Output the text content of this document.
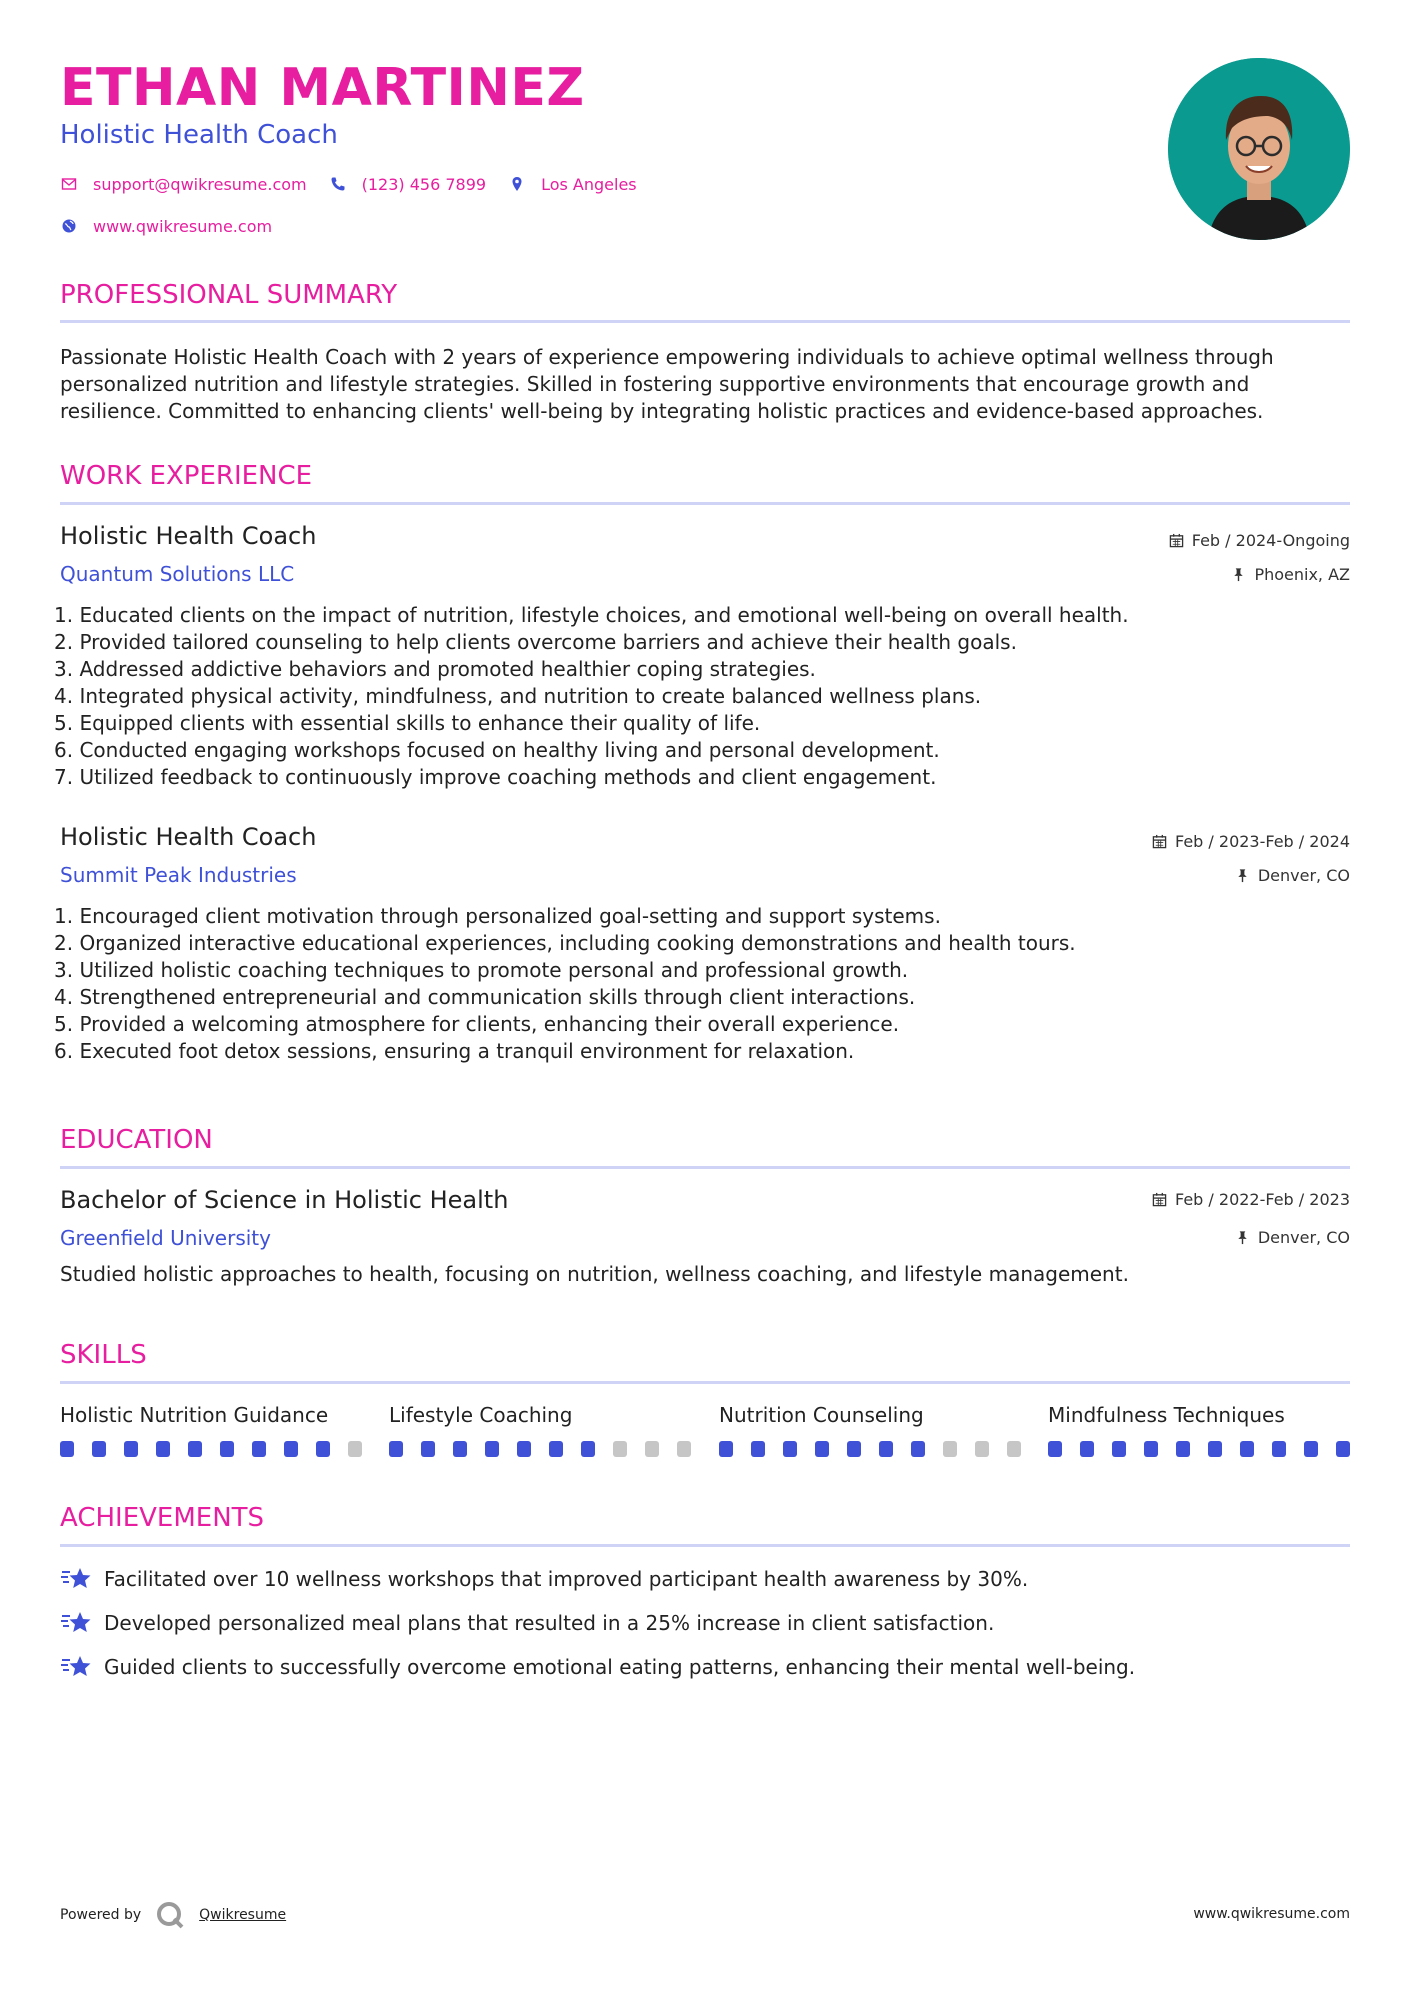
ETHAN MARTINEZ
Holistic Health Coach
support@qwikresume.com	(123) 456 7899	Los Angeles
www.qwikresume.com
PROFESSIONAL SUMMARY
Passionate Holistic Health Coach with 2 years of experience empowering individuals to achieve optimal wellness through personalized nutrition and lifestyle strategies. Skilled in fostering supportive environments that encourage growth and resilience. Committed to enhancing clients' well-being by integrating holistic practices and evidence-based approaches.
WORK EXPERIENCE
Holistic Health Coach	Feb / 2024-Ongoing
Quantum Solutions LLC	Phoenix, AZ
1. Educated clients on the impact of nutrition, lifestyle choices, and emotional well-being on overall health.
2. Provided tailored counseling to help clients overcome barriers and achieve their health goals.
3. Addressed addictive behaviors and promoted healthier coping strategies.
4. Integrated physical activity, mindfulness, and nutrition to create balanced wellness plans.
5. Equipped clients with essential skills to enhance their quality of life.
6. Conducted engaging workshops focused on healthy living and personal development.
7. Utilized feedback to continuously improve coaching methods and client engagement.
Holistic Health Coach	Feb / 2023-Feb / 2024
Summit Peak Industries	Denver, CO
1. Encouraged client motivation through personalized goal-setting and support systems.
2. Organized interactive educational experiences, including cooking demonstrations and health tours.
3. Utilized holistic coaching techniques to promote personal and professional growth.
4. Strengthened entrepreneurial and communication skills through client interactions.
5. Provided a welcoming atmosphere for clients, enhancing their overall experience.
6. Executed foot detox sessions, ensuring a tranquil environment for relaxation.
EDUCATION
Bachelor of Science in Holistic Health	Feb / 2022-Feb / 2023
Greenfield University	Denver, CO
Studied holistic approaches to health, focusing on nutrition, wellness coaching, and lifestyle management.
SKILLS
Holistic Nutrition Guidance	Lifestyle Coaching	Nutrition Counseling	Mindfulness Techniques
ACHIEVEMENTS
Facilitated over 10 wellness workshops that improved participant health awareness by 30%.
Developed personalized meal plans that resulted in a 25% increase in client satisfaction.
Guided clients to successfully overcome emotional eating patterns, enhancing their mental well-being.
Powered by	Qwikresume	www.qwikresume.com
